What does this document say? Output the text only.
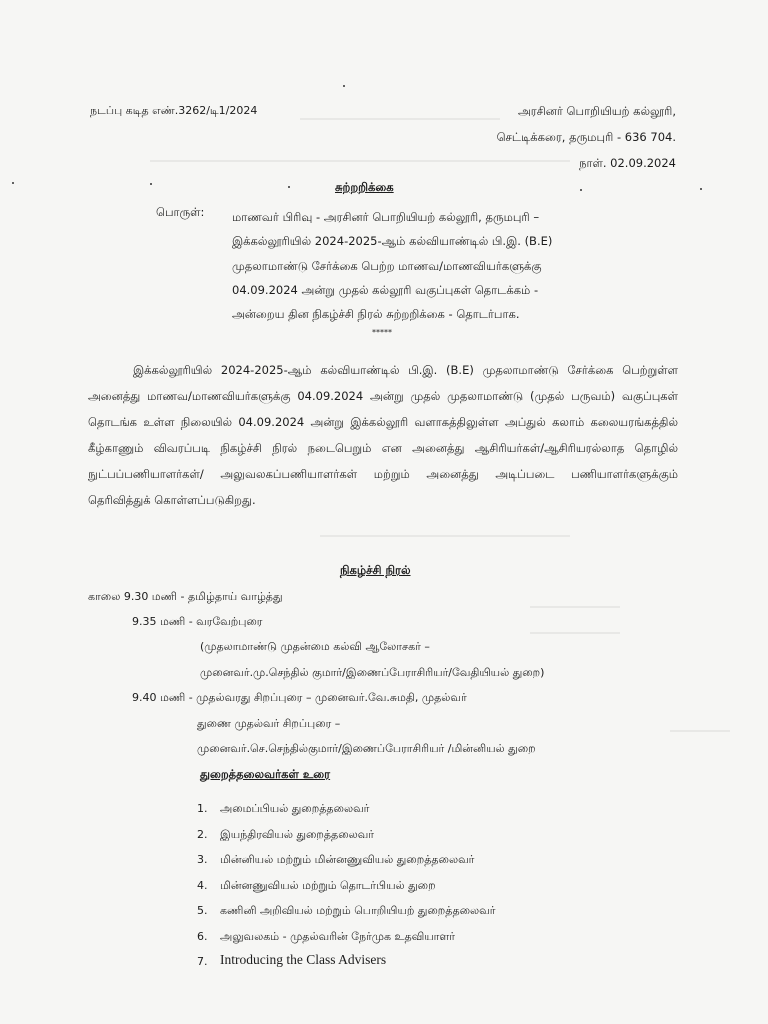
நடப்பு கடித எண்.3262/டி1/2024	அரசினர் பொறியியற் கல்லூரி,
செட்டிக்கரை, தருமபுரி - 636 704.
நாள். 02.09.2024
சுற்றறிக்கை
பொருள்: மாணவர் பிரிவு - அரசினர் பொறியியற் கல்லூரி, தருமபுரி –
இக்கல்லூரியில் 2024-2025-ஆம் கல்வியாண்டில் பி.இ. (B.E)
முதலாமாண்டு சேர்க்கை பெற்ற மாணவ/மாணவியர்களுக்கு
04.09.2024 அன்று முதல் கல்லூரி வகுப்புகள் தொடக்கம் -
அன்றைய தின நிகழ்ச்சி நிரல் சுற்றறிக்கை - தொடர்பாக.
*****
இக்கல்லூரியில் 2024-2025-ஆம் கல்வியாண்டில் பி.இ. (B.E) முதலாமாண்டு சேர்க்கை பெற்றுள்ள அனைத்து மாணவ/மாணவியர்களுக்கு 04.09.2024 அன்று முதல் முதலாமாண்டு (முதல் பருவம்) வகுப்புகள் தொடங்க உள்ள நிலையில் 04.09.2024 அன்று இக்கல்லூரி வளாகத்திலுள்ள அப்துல் கலாம் கலையரங்கத்தில் கீழ்காணும் விவரப்படி நிகழ்ச்சி நிரல் நடைபெறும் என அனைத்து ஆசிரியர்கள்/ஆசிரியரல்லாத தொழில் நுட்பப்பணியாளர்கள்/ அலுவலகப்பணியாளர்கள் மற்றும் அனைத்து அடிப்படை பணியாளர்களுக்கும் தெரிவித்துக் கொள்ளப்படுகிறது.
நிகழ்ச்சி நிரல்
காலை 9.30 மணி - தமிழ்தாய் வாழ்த்து
9.35 மணி - வரவேற்புரை
(முதலாமாண்டு முதன்மை கல்வி ஆலோசகர் –
முனைவர்.மு.செந்தில் குமார்/இணைப்பேராசிரியர்/வேதியியல் துறை)
9.40 மணி - முதல்வரது சிறப்புரை – முனைவர்.வே.சுமதி, முதல்வர்
துணை முதல்வர் சிறப்புரை –
முனைவர்.செ.செந்தில்குமார்/இணைப்பேராசிரியர் /மின்னியல் துறை
துறைத்தலைவர்கள் உரை
1. அமைப்பியல் துறைத்தலைவர்
2. இயந்திரவியல் துறைத்தலைவர்
3. மின்னியல் மற்றும் மின்னணுவியல் துறைத்தலைவர்
4. மின்னணுவியல் மற்றும் தொடர்பியல் துறை
5. கணினி அறிவியல் மற்றும் பொறியியற் துறைத்தலைவர்
6. அலுவலகம் - முதல்வரின் நேர்முக உதவியாளர்
7. Introducing the Class Advisers
